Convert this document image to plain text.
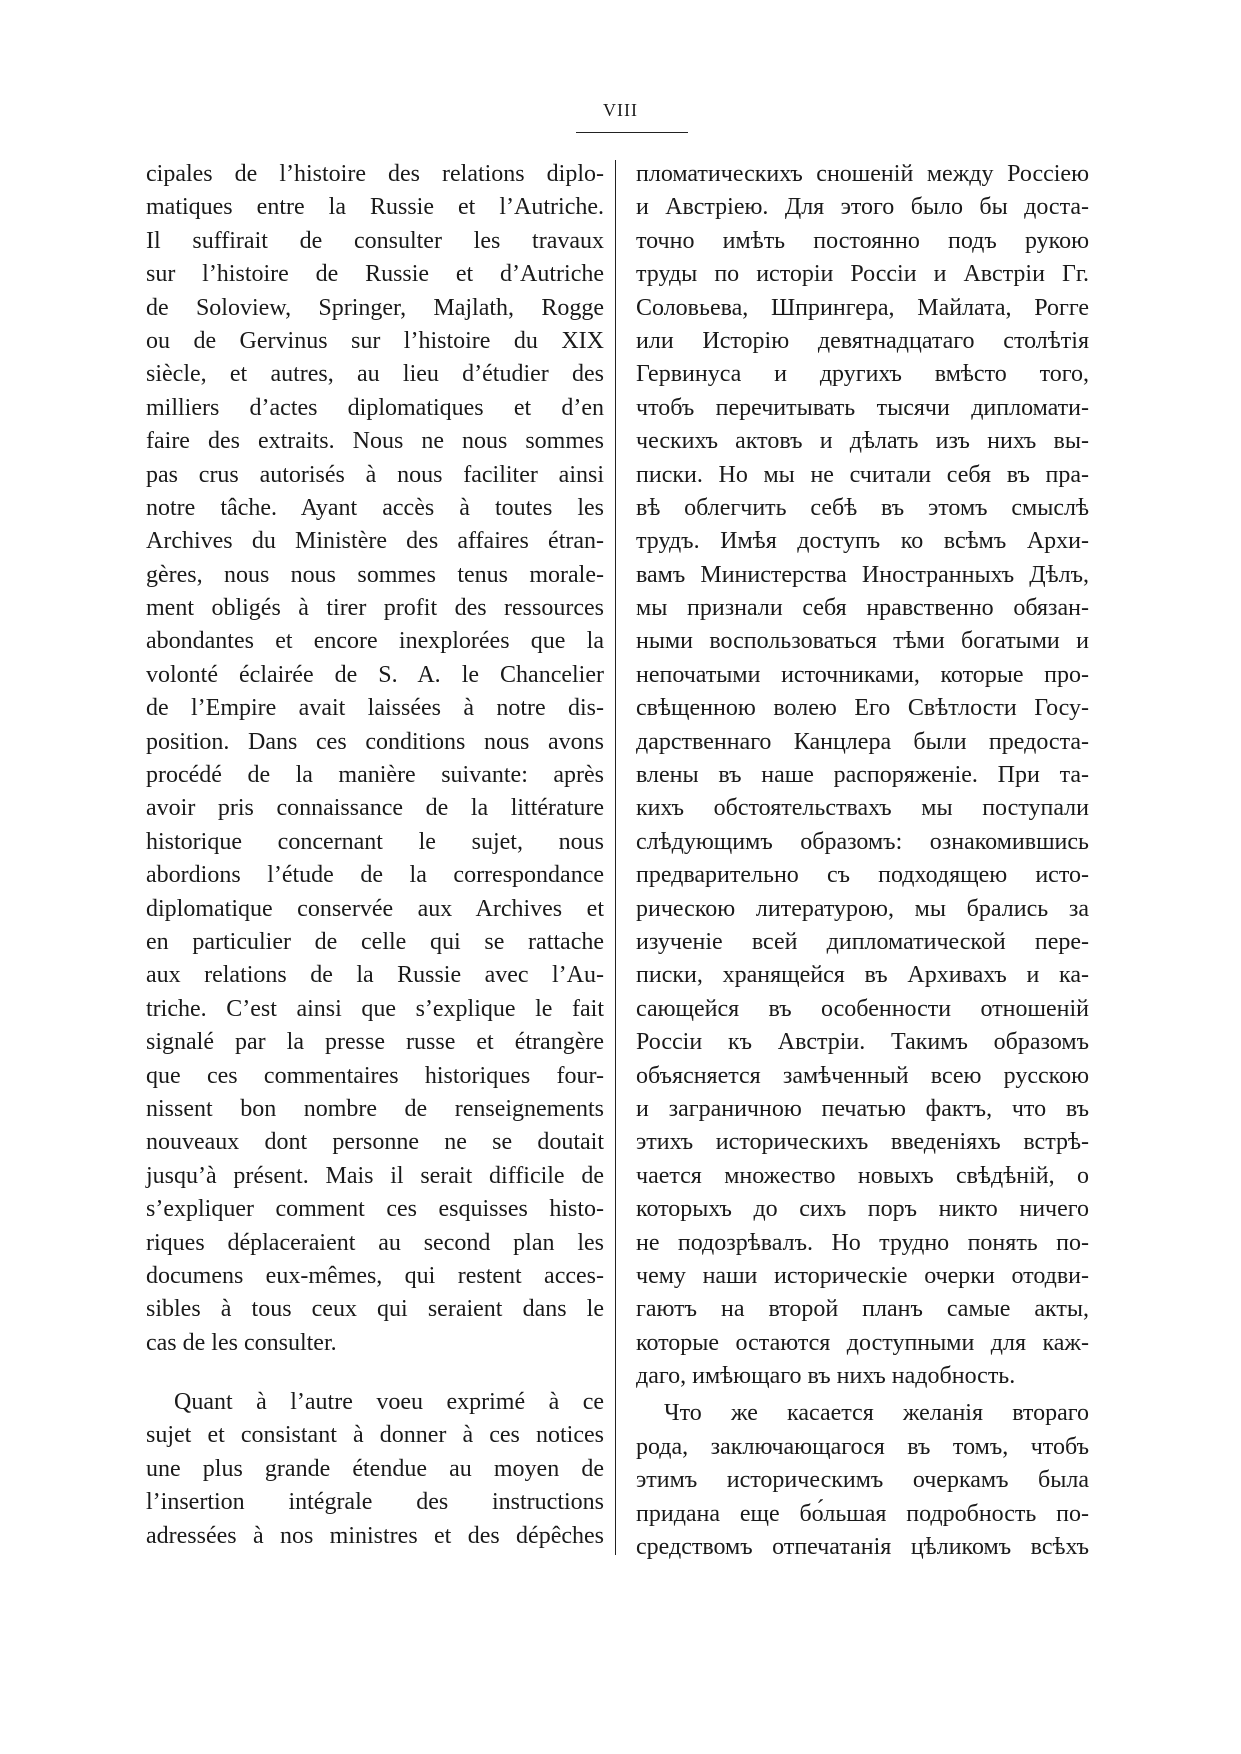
VIII
cipales de l’histoire des relations diplo-
matiques entre la Russie et l’Autriche.
Il suffirait de consulter les travaux
sur l’histoire de Russie et d’Autriche
de Soloview, Springer, Majlath, Rogge
ou de Gervinus sur l’histoire du XIX
siècle, et autres, au lieu d’étudier des
milliers d’actes diplomatiques et d’en
faire des extraits. Nous ne nous sommes
pas crus autorisés à nous faciliter ainsi
notre tâche. Ayant accès à toutes les
Archives du Ministère des affaires étran-
gères, nous nous sommes tenus morale-
ment obligés à tirer profit des ressources
abondantes et encore inexplorées que la
volonté éclairée de S. A. le Chancelier
de l’Empire avait laissées à notre dis-
position. Dans ces conditions nous avons
procédé de la manière suivante: après
avoir pris connaissance de la littérature
historique concernant le sujet, nous
abordions l’étude de la correspondance
diplomatique conservée aux Archives et
en particulier de celle qui se rattache
aux relations de la Russie avec l’Au-
triche. C’est ainsi que s’explique le fait
signalé par la presse russe et étrangère
que ces commentaires historiques four-
nissent bon nombre de renseignements
nouveaux dont personne ne se doutait
jusqu’à présent. Mais il serait difficile de
s’expliquer comment ces esquisses histo-
riques déplaceraient au second plan les
documens eux-mêmes, qui restent acces-
sibles à tous ceux qui seraient dans le
cas de les consulter.
Quant à l’autre voeu exprimé à ce
sujet et consistant à donner à ces notices
une plus grande étendue au moyen de
l’insertion intégrale des instructions
adressées à nos ministres et des dépêches
пломатическихъ сношеній между Россіею
и Австріею. Для этого было бы доста-
точно имѣть постоянно подъ рукою
труды по исторіи Россіи и Австріи Гг.
Соловьева, Шпрингера, Майлата, Рогге
или Исторію девятнадцатаго столѣтія
Гервинуса и другихъ вмѣсто того,
чтобъ перечитывать тысячи дипломати-
ческихъ актовъ и дѣлать изъ нихъ вы-
писки. Но мы не считали себя въ пра-
вѣ облегчить себѣ въ этомъ смыслѣ
трудъ. Имѣя доступъ ко всѣмъ Архи-
вамъ Министерства Иностранныхъ Дѣлъ,
мы признали себя нравственно обязан-
ными воспользоваться тѣми богатыми и
непочатыми источниками, которые про-
свѣщенною волею Его Свѣтлости Госу-
дарственнаго Канцлера были предоста-
влены въ наше распоряженіе. При та-
кихъ обстоятельствахъ мы поступали
слѣдующимъ образомъ: ознакомившись
предварительно съ подходящею исто-
рическою литературою, мы брались за
изученіе всей дипломатической пере-
писки, хранящейся въ Архивахъ и ка-
сающейся въ особенности отношеній
Россіи къ Австріи. Такимъ образомъ
объясняется замѣченный всею русскою
и заграничною печатью фактъ, что въ
этихъ историческихъ введеніяхъ встрѣ-
чается множество новыхъ свѣдѣній, о
которыхъ до сихъ поръ никто ничего
не подозрѣвалъ. Но трудно понять по-
чему наши историческіе очерки отодви-
гаютъ на второй планъ самые акты,
которые остаются доступными для каж-
даго, имѣющаго въ нихъ надобность.
Что же касается желанія втораго
рода, заключающагося въ томъ, чтобъ
этимъ историческимъ очеркамъ была
придана еще бо́льшая подробность по-
средствомъ отпечатанія цѣликомъ всѣхъ
